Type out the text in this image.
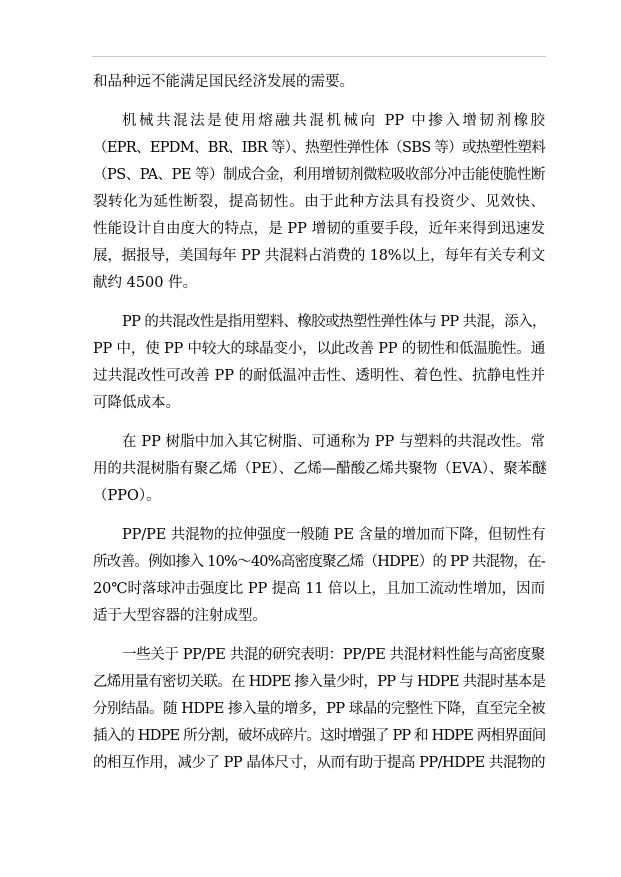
和品种远不能满足国民经济发展的需要。
机械共混法是使用熔融共混机械向 PP 中掺入增韧剂橡胶
（EPR、EPDM、BR、IBR 等）、热塑性弹性体（SBS 等）或热塑性塑料
（PS、PA、PE 等）制成合金，利用增韧剂微粒吸收部分冲击能使脆性断
裂转化为延性断裂，提高韧性。由于此种方法具有投资少、见效快、
性能设计自由度大的特点，是 PP 增韧的重要手段，近年来得到迅速发
展，据报导，美国每年 PP 共混料占消费的 18%以上，每年有关专利文
献约 4500 件。
PP 的共混改性是指用塑料、橡胶或热塑性弹性体与 PP 共混，添入，
PP 中，使 PP 中较大的球晶变小，以此改善 PP 的韧性和低温脆性。通
过共混改性可改善 PP 的耐低温冲击性、透明性、着色性、抗静电性并
可降低成本。
在 PP 树脂中加入其它树脂、可通称为 PP 与塑料的共混改性。常
用的共混树脂有聚乙烯（PE）、乙烯—醋酸乙烯共聚物（EVA）、聚苯醚
（PPO）。
PP/PE 共混物的拉伸强度一般随 PE 含量的增加而下降，但韧性有
所改善。例如掺入 10%～40%高密度聚乙烯（HDPE）的 PP 共混物，在-
20℃时落球冲击强度比 PP 提高 11 倍以上，且加工流动性增加，因而
适于大型容器的注射成型。
一些关于 PP/PE 共混的研究表明：PP/PE 共混材料性能与高密度聚
乙烯用量有密切关联。在 HDPE 掺入量少时，PP 与 HDPE 共混时基本是
分别结晶。随 HDPE 掺入量的增多，PP 球晶的完整性下降，直至完全被
插入的 HDPE 所分割，破坏成碎片。这时增强了 PP 和 HDPE 两相界面间
的相互作用，减少了 PP 晶体尺寸，从而有助于提高 PP/HDPE 共混物的
